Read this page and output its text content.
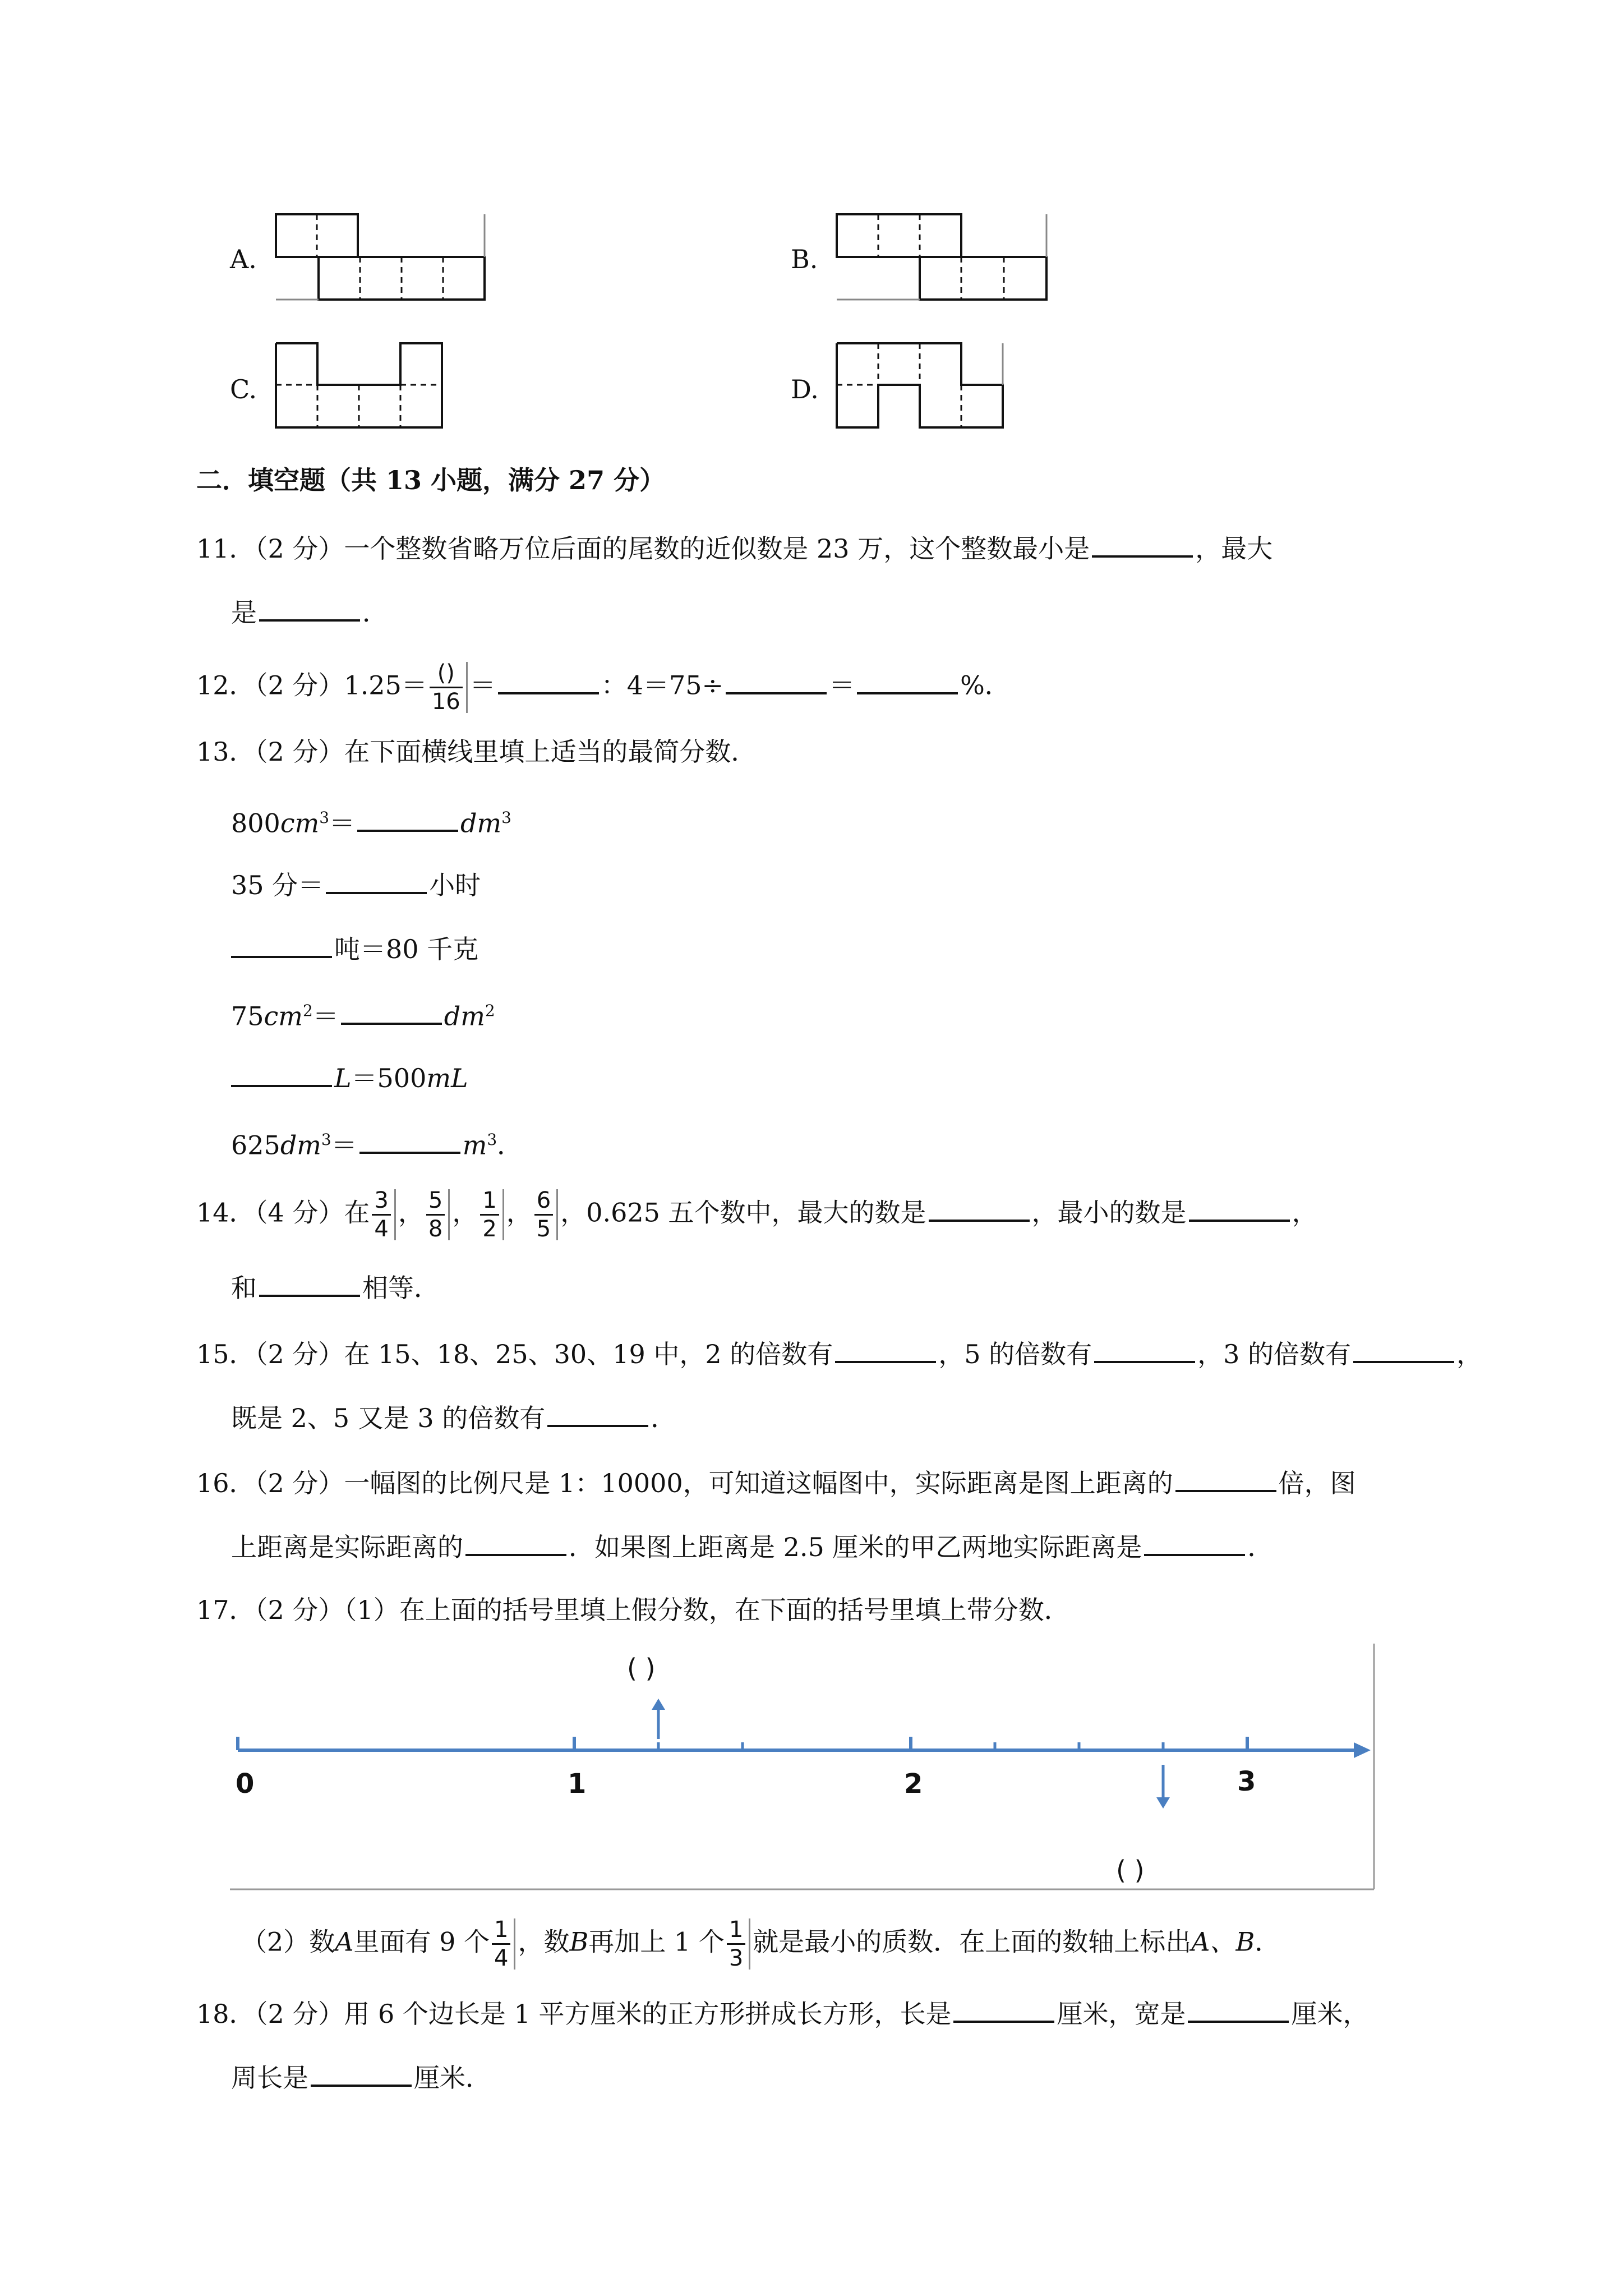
A.	B.
C.	D.
二．填空题（共 13 小题，满分 27 分）
11．（2 分）一个整数省略万位后面的尾数的近似数是 23 万，这个整数最小是	，最大
是	．
12．（2 分）$1.25= \frac{()}{16}$ ＝	：4＝75÷	＝	%．
13．（2 分）在下面横线里填上适当的最简分数．
$800cm^3=$	$dm^3$
35 分＝	小时
吨＝80 千克
$75cm^2=$	$dm^2$
L＝500mL
$625dm^3=$	$m^3$．
14．（4 分）在 $\frac{3}{4}$ ， $\frac{5}{8}$ ， $\frac{1}{2}$ ， $\frac{6}{5}$ ，0.625 五个数中，最大的数是	，最小的数是	，
和	相等．
15．（2 分）在 15、18、25、30、19 中，2 的倍数有	，5 的倍数有	，3 的倍数有	，
既是 2、5 又是 3 的倍数有	．
16．（2 分）一幅图的比例尺是 1：10000，可知道这幅图中，实际距离是图上距离的	倍，图
上距离是实际距离的	．如果图上距离是 2.5 厘米的甲乙两地实际距离是	．
17．（2 分）（1）在上面的括号里填上假分数，在下面的括号里填上带分数．
( )
( )
0	1	2	3
（2）数A里面有 9 个 $\frac{1}{4}$ ，数B再加上 1 个 $\frac{1}{3}$ 就是最小的质数．在上面的数轴上标出A、B．
18．（2 分）用 6 个边长是 1 平方厘米的正方形拼成长方形，长是	厘米，宽是	厘米，
周长是	厘米．
